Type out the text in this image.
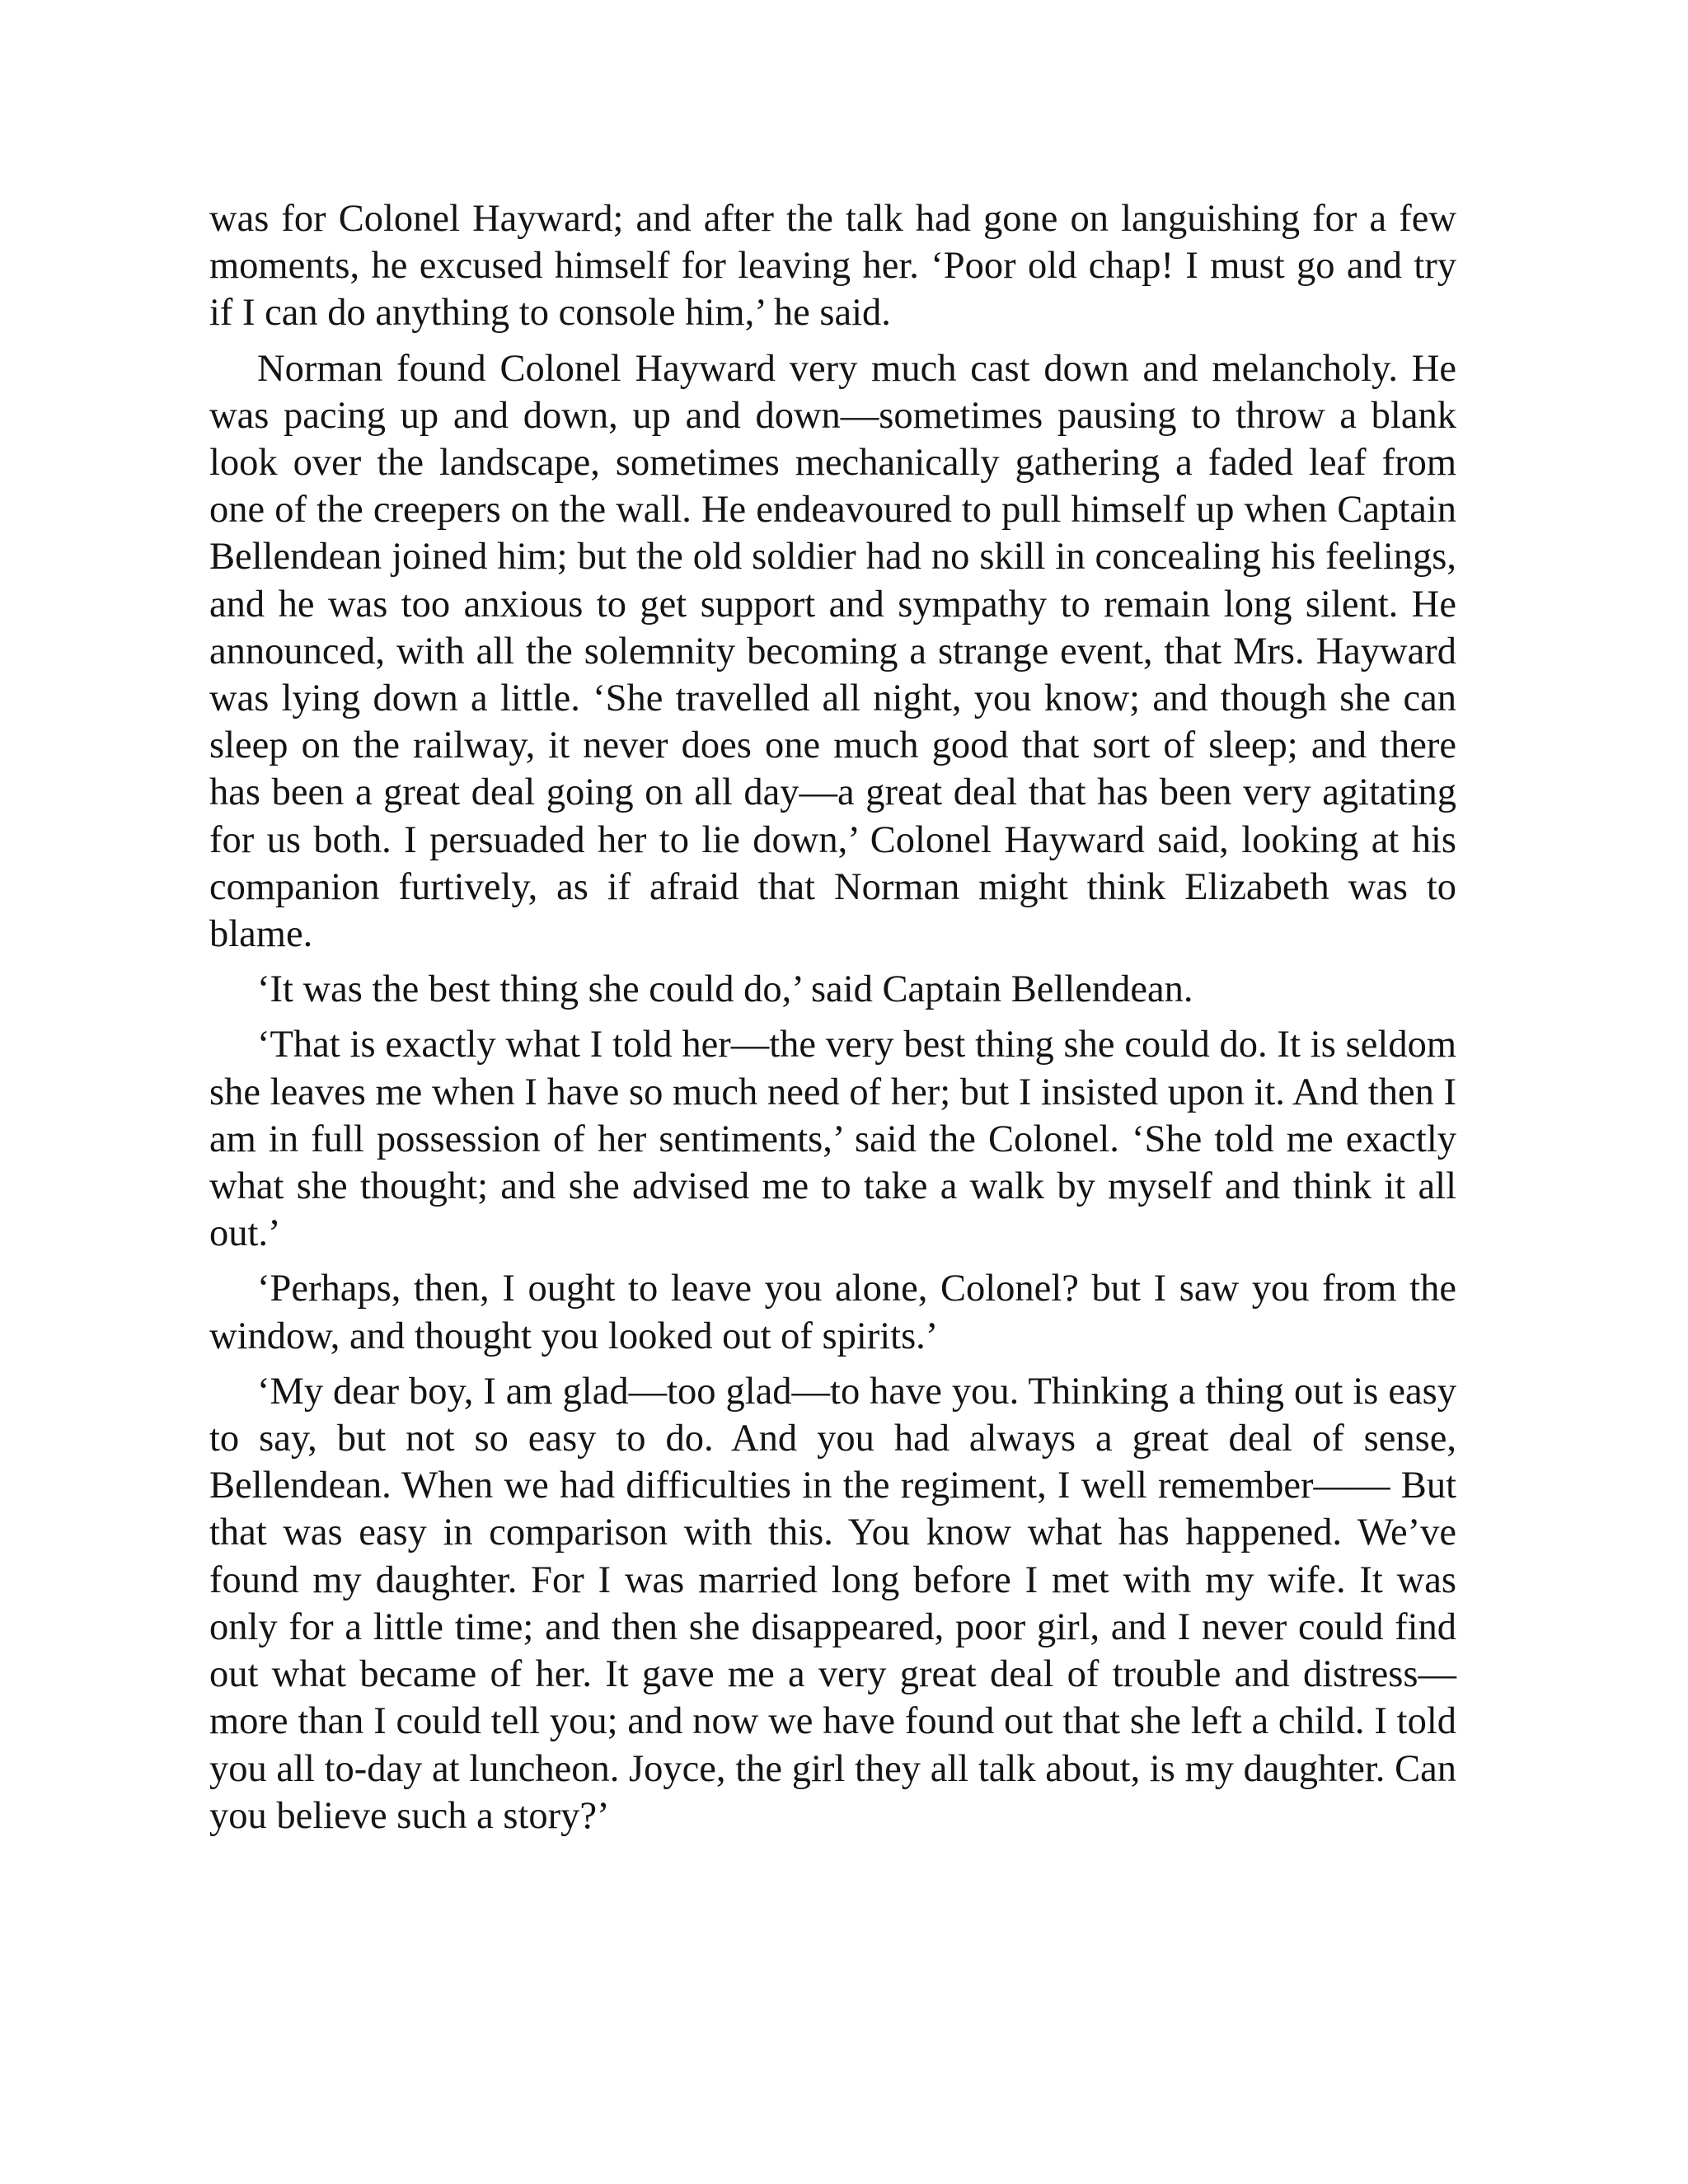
was for Colonel Hayward; and after the talk had gone on languishing for a few moments, he excused himself for leaving her. ‘Poor old chap! I must go and try if I can do anything to console him,’ he said.

Norman found Colonel Hayward very much cast down and melancholy. He was pacing up and down, up and down—sometimes pausing to throw a blank look over the landscape, sometimes mechanically gathering a faded leaf from one of the creepers on the wall. He endeavoured to pull himself up when Captain Bellendean joined him; but the old soldier had no skill in concealing his feelings, and he was too anxious to get support and sympathy to remain long silent. He announced, with all the solemnity becoming a strange event, that Mrs. Hayward was lying down a little. ‘She travelled all night, you know; and though she can sleep on the railway, it never does one much good that sort of sleep; and there has been a great deal going on all day—a great deal that has been very agitating for us both. I persuaded her to lie down,’ Colonel Hayward said, looking at his companion furtively, as if afraid that Norman might think Elizabeth was to blame.

‘It was the best thing she could do,’ said Captain Bellendean.

‘That is exactly what I told her—the very best thing she could do. It is seldom she leaves me when I have so much need of her; but I insisted upon it. And then I am in full possession of her sentiments,’ said the Colonel. ‘She told me exactly what she thought; and she advised me to take a walk by myself and think it all out.’

‘Perhaps, then, I ought to leave you alone, Colonel? but I saw you from the window, and thought you looked out of spirits.’

‘My dear boy, I am glad—too glad—to have you. Thinking a thing out is easy to say, but not so easy to do. And you had always a great deal of sense, Bellendean. When we had difficulties in the regiment, I well remember—— But that was easy in comparison with this. You know what has happened. We’ve found my daughter. For I was married long before I met with my wife. It was only for a little time; and then she disappeared, poor girl, and I never could find out what became of her. It gave me a very great deal of trouble and distress—more than I could tell you; and now we have found out that she left a child. I told you all to-day at luncheon. Joyce, the girl they all talk about, is my daughter. Can you believe such a story?’
